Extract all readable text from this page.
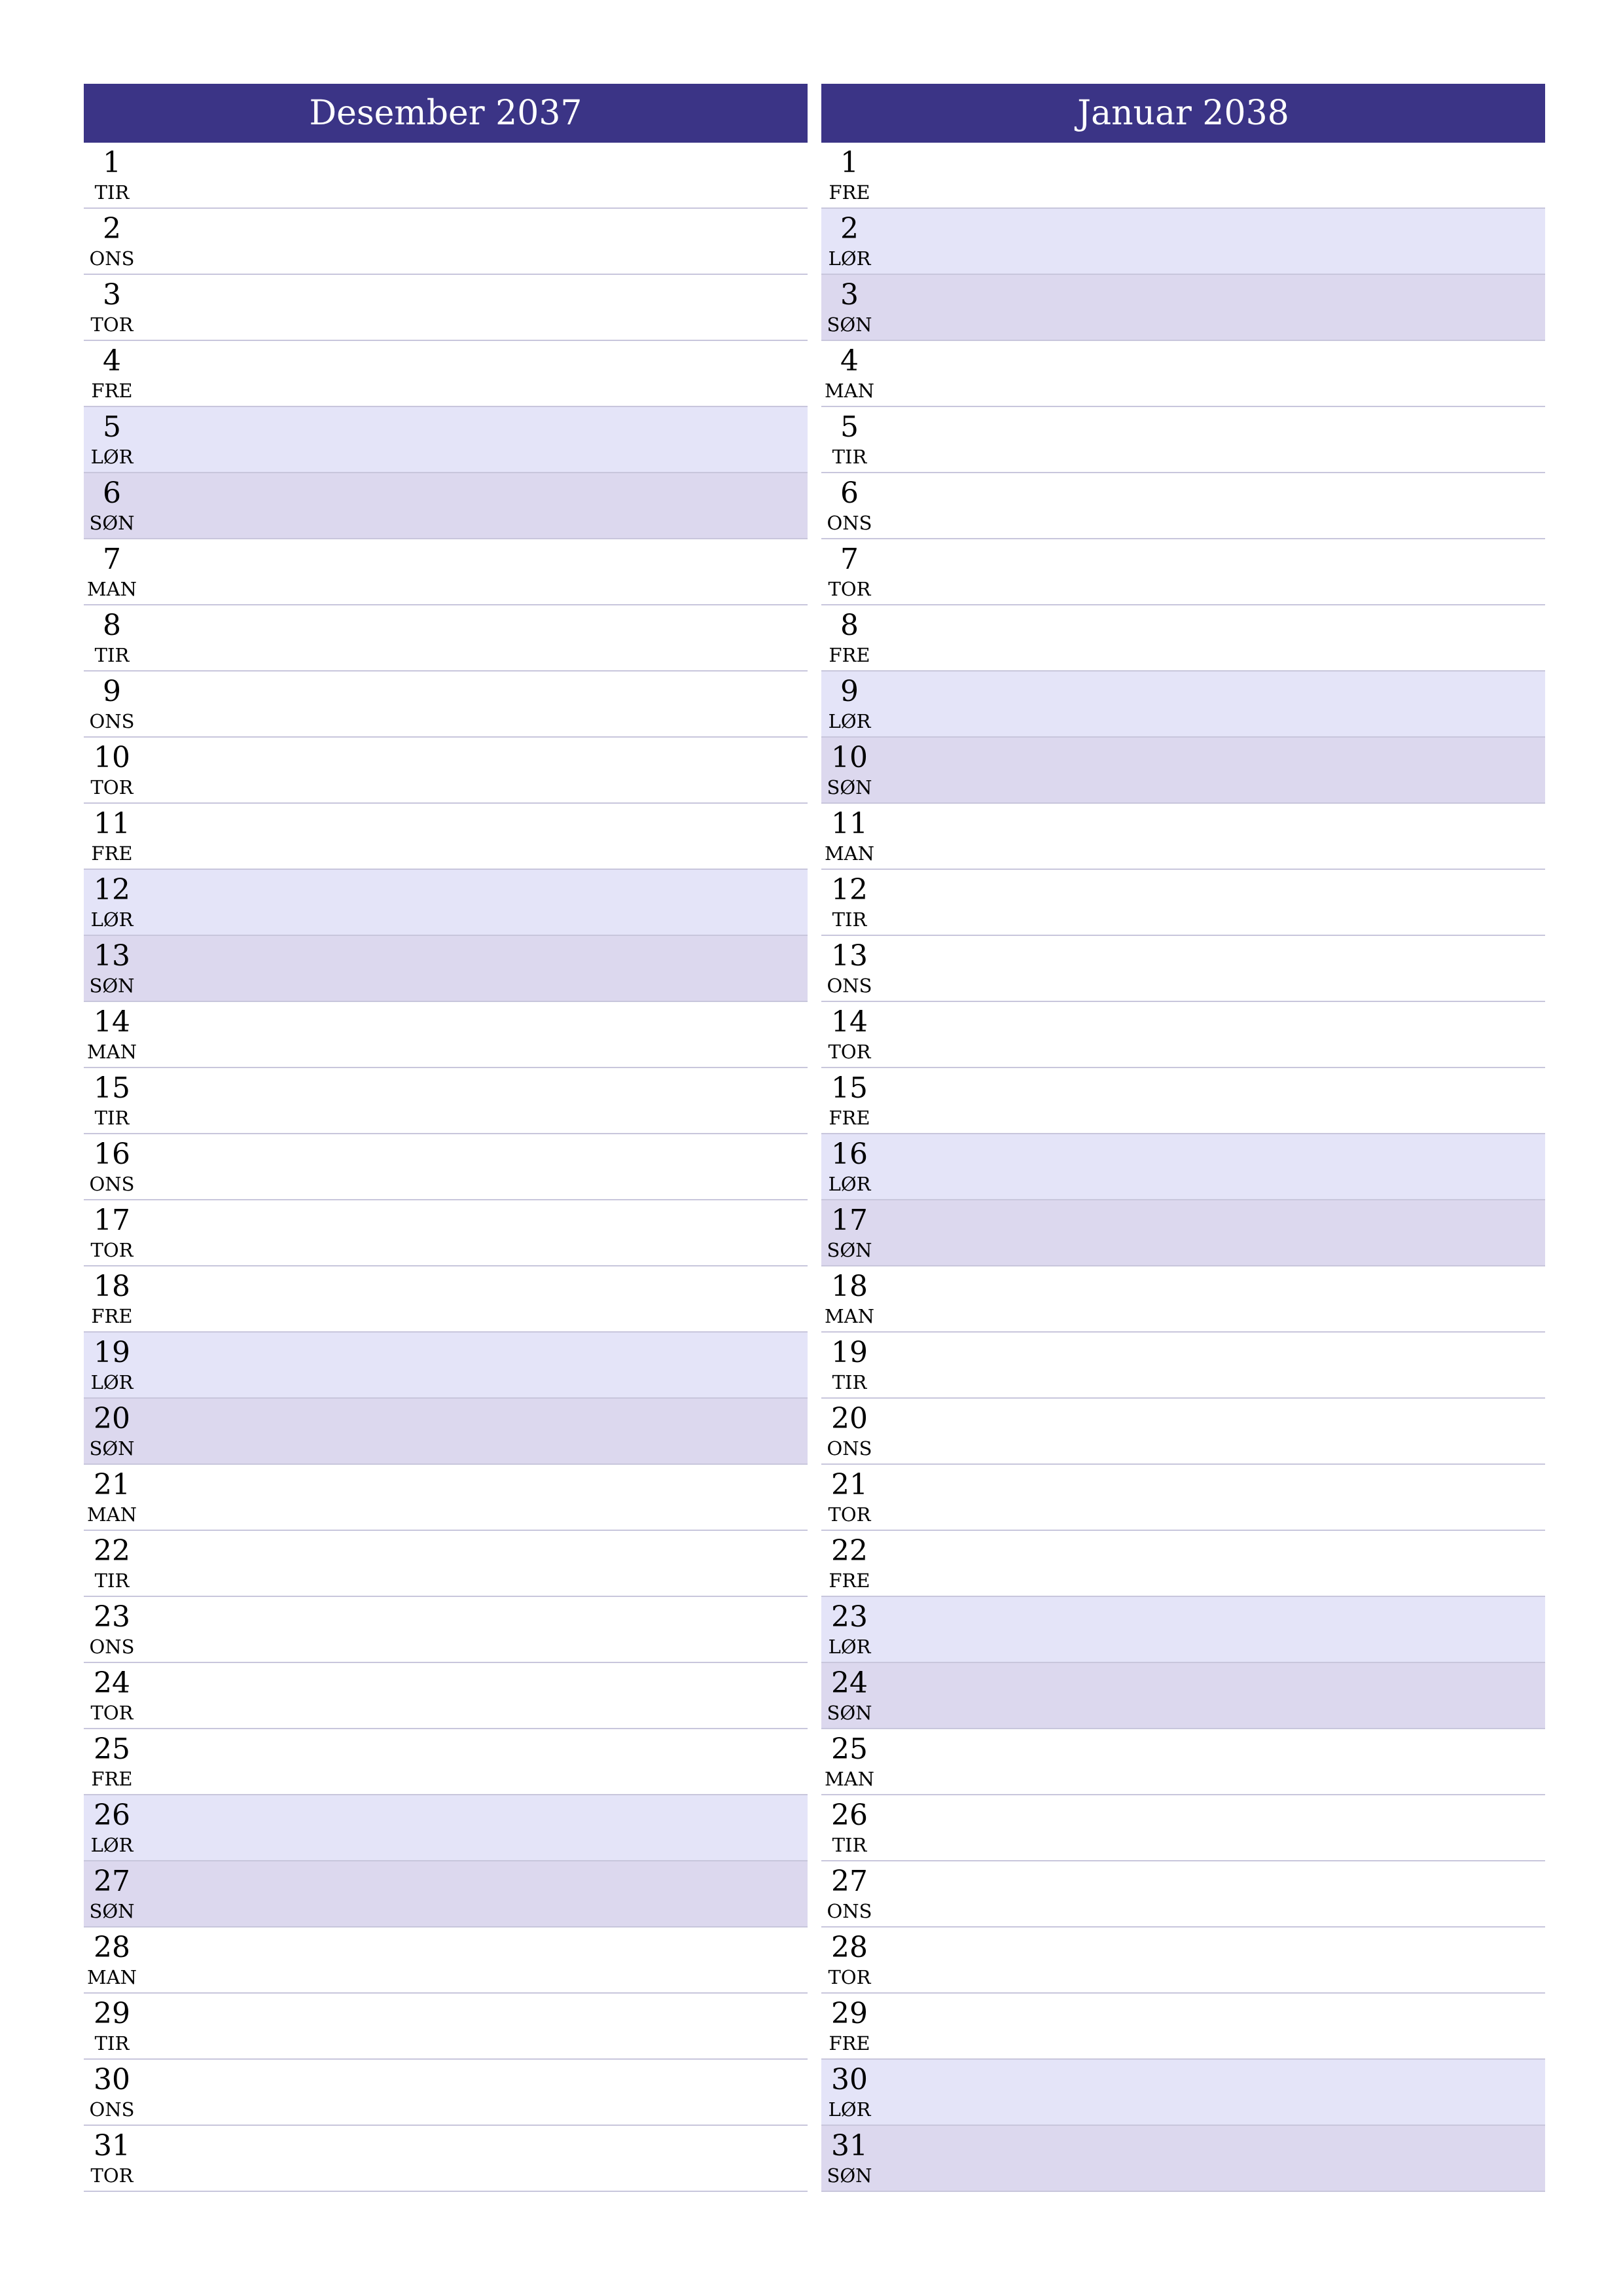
Desember 2037
1
TIR
2
ONS
3
TOR
4
FRE
5
LØR
6
SØN
7
MAN
8
TIR
9
ONS
10
TOR
11
FRE
12
LØR
13
SØN
14
MAN
15
TIR
16
ONS
17
TOR
18
FRE
19
LØR
20
SØN
21
MAN
22
TIR
23
ONS
24
TOR
25
FRE
26
LØR
27
SØN
28
MAN
29
TIR
30
ONS
31
TOR
Januar 2038
1
FRE
2
LØR
3
SØN
4
MAN
5
TIR
6
ONS
7
TOR
8
FRE
9
LØR
10
SØN
11
MAN
12
TIR
13
ONS
14
TOR
15
FRE
16
LØR
17
SØN
18
MAN
19
TIR
20
ONS
21
TOR
22
FRE
23
LØR
24
SØN
25
MAN
26
TIR
27
ONS
28
TOR
29
FRE
30
LØR
31
SØN
